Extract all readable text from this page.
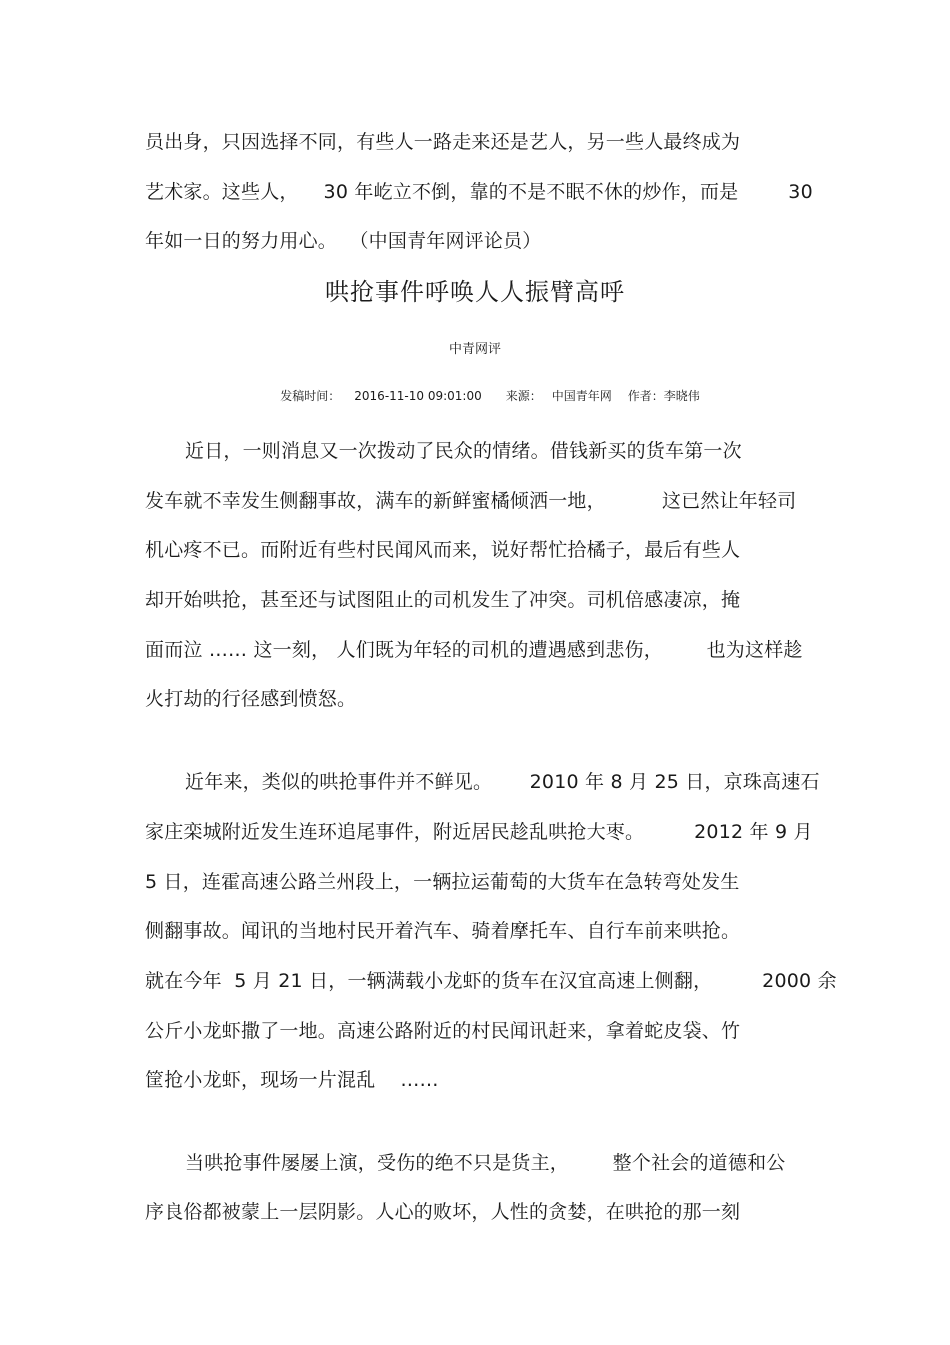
员出身，只因选择不同，有些人一路走来还是艺人，另一些人最终成为
艺术家。这些人，    30 年屹立不倒，靠的不是不眠不休的炒作，而是        30
年如一日的努力用心。  （中国青年网评论员）
哄抢事件呼唤人人振臂高呼
中青网评

发稿时间： 2016-11-10 09:01:00 来源： 中国青年网 作者：李晓伟

近日，一则消息又一次拨动了民众的情绪。借钱新买的货车第一次
发车就不幸发生侧翻事故，满车的新鲜蜜橘倾洒一地，         这已然让年轻司
机心疼不已。而附近有些村民闻风而来，说好帮忙拾橘子，最后有些人
却开始哄抢，甚至还与试图阻止的司机发生了冲突。司机倍感凄凉，掩
面而泣 …… 这一刻， 人们既为年轻的司机的遭遇感到悲伤，       也为这样趁
火打劫的行径感到愤怒。
近年来，类似的哄抢事件并不鲜见。      2010 年 8 月 25 日，京珠高速石
家庄栾城附近发生连环追尾事件，附近居民趁乱哄抢大枣。        2012 年 9 月
5 日，连霍高速公路兰州段上，一辆拉运葡萄的大货车在急转弯处发生
侧翻事故。闻讯的当地村民开着汽车、骑着摩托车、自行车前来哄抢。
就在今年  5 月 21 日，一辆满载小龙虾的货车在汉宜高速上侧翻，        2000 余
公斤小龙虾撒了一地。高速公路附近的村民闻讯赶来，拿着蛇皮袋、竹
筐抢小龙虾，现场一片混乱    ……
当哄抢事件屡屡上演，受伤的绝不只是货主，       整个社会的道德和公
序良俗都被蒙上一层阴影。人心的败坏，人性的贪婪，在哄抢的那一刻
